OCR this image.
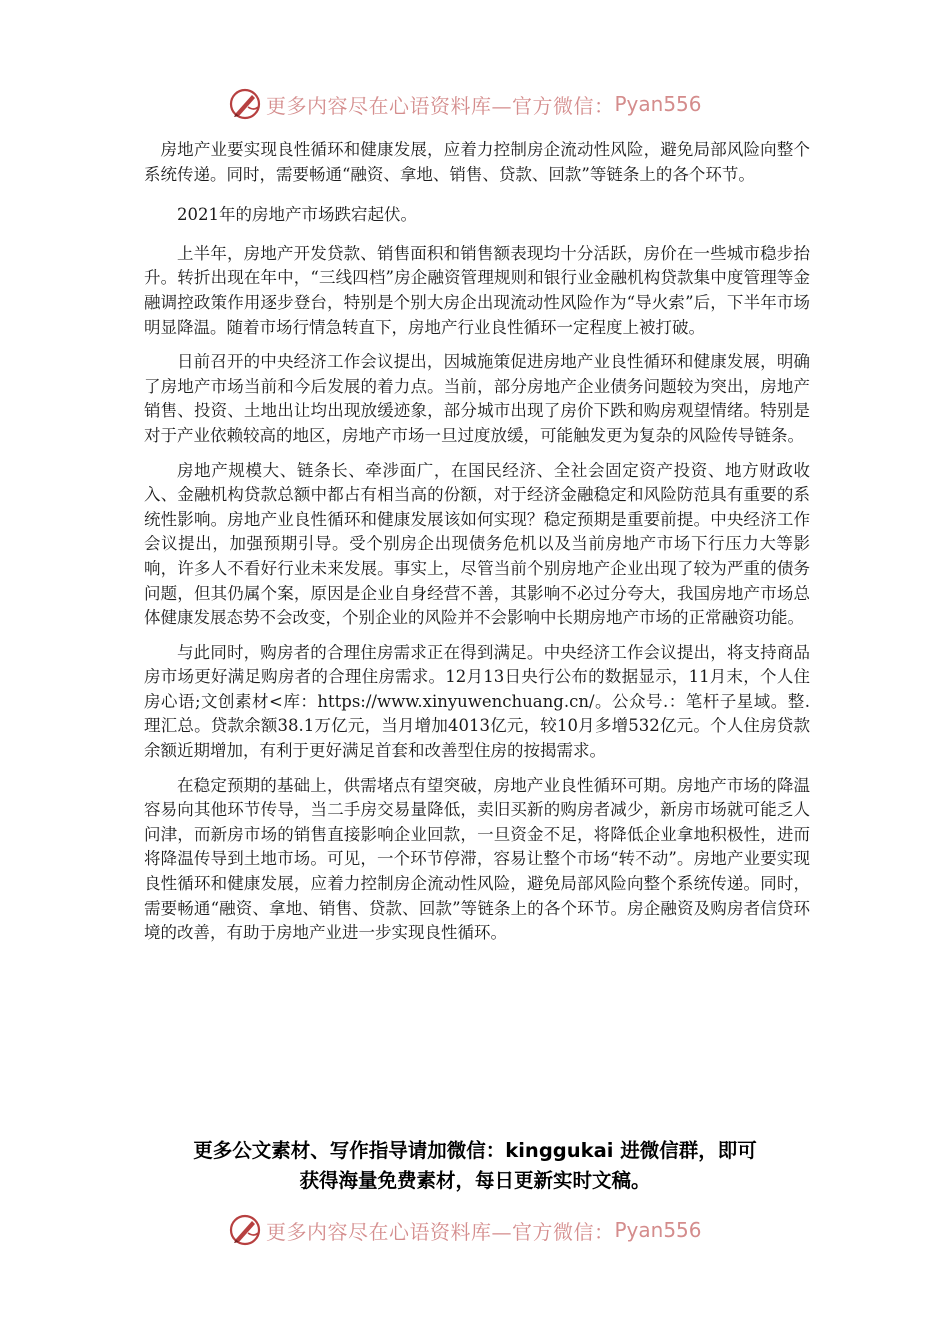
更多内容尽在心语资料库—官方微信： Pyan556

房地产业要实现良性循环和健康发展，应着力控制房企流动性风险，避免局部风险向整个系统传递。同时，需要畅通“融资、拿地、销售、贷款、回款”等链条上的各个环节。

2021年的房地产市场跌宕起伏。

上半年，房地产开发贷款、销售面积和销售额表现均十分活跃，房价在一些城市稳步抬升。转折出现在年中，“三线四档”房企融资管理规则和银行业金融机构贷款集中度管理等金融调控政策作用逐步登台，特别是个别大房企出现流动性风险作为“导火索”后，下半年市场明显降温。随着市场行情急转直下，房地产行业良性循环一定程度上被打破。

日前召开的中央经济工作会议提出，因城施策促进房地产业良性循环和健康发展，明确了房地产市场当前和今后发展的着力点。当前，部分房地产企业债务问题较为突出，房地产销售、投资、土地出让均出现放缓迹象，部分城市出现了房价下跌和购房观望情绪。特别是对于产业依赖较高的地区，房地产市场一旦过度放缓，可能触发更为复杂的风险传导链条。

房地产规模大、链条长、牵涉面广，在国民经济、全社会固定资产投资、地方财政收入、金融机构贷款总额中都占有相当高的份额，对于经济金融稳定和风险防范具有重要的系统性影响。房地产业良性循环和健康发展该如何实现？稳定预期是重要前提。中央经济工作会议提出，加强预期引导。受个别房企出现债务危机以及当前房地产市场下行压力大等影响，许多人不看好行业未来发展。事实上，尽管当前个别房地产企业出现了较为严重的债务问题，但其仍属个案，原因是企业自身经营不善，其影响不必过分夸大，我国房地产市场总体健康发展态势不会改变，个别企业的风险并不会影响中长期房地产市场的正常融资功能。

与此同时，购房者的合理住房需求正在得到满足。中央经济工作会议提出，将支持商品房市场更好满足购房者的合理住房需求。12月13日央行公布的数据显示，11月末，个人住房心语;文创素材<库：https://www.xinyuwenchuang.cn/。公众号.：笔杆子星域。整.理汇总。贷款余额38.1万亿元，当月增加4013亿元，较10月多增532亿元。个人住房贷款余额近期增加，有利于更好满足首套和改善型住房的按揭需求。

在稳定预期的基础上，供需堵点有望突破，房地产业良性循环可期。房地产市场的降温容易向其他环节传导，当二手房交易量降低，卖旧买新的购房者减少，新房市场就可能乏人问津，而新房市场的销售直接影响企业回款，一旦资金不足，将降低企业拿地积极性，进而将降温传导到土地市场。可见，一个环节停滞，容易让整个市场“转不动”。房地产业要实现良性循环和健康发展，应着力控制房企流动性风险，避免局部风险向整个系统传递。同时，需要畅通“融资、拿地、销售、贷款、回款”等链条上的各个环节。房企融资及购房者信贷环境的改善，有助于房地产业进一步实现良性循环。

更多公文素材、写作指导请加微信：kinggukai 进微信群，即可
获得海量免费素材，每日更新实时文稿。
更多内容尽在心语资料库—官方微信： Pyan556
